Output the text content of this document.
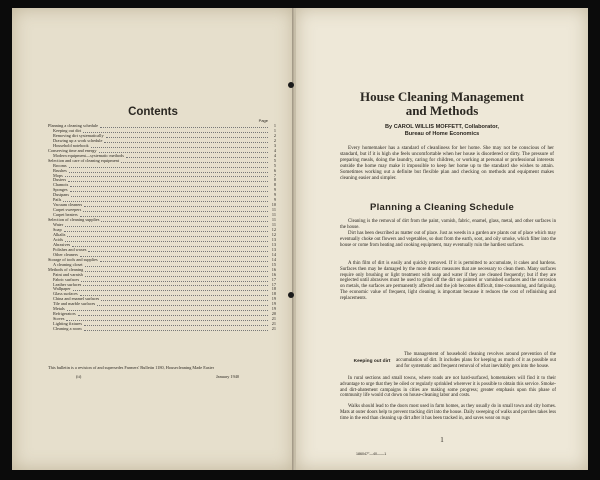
Contents
Page
Planning a cleaning schedule	1
Keeping out dirt	1
Removing dirt systematically	2
Drawing up a work schedule	2
Household notebook	3
Conserving time and energy	4
Modern equipment—systematic methods	4
Selection and care of cleaning equipment	5
Brooms	5
Brushes	6
Mops	7
Dusters	8
Chamois	8
Sponges	9
Dustpans	9
Pails	9
Vacuum cleaners	10
Carpet sweepers	11
Carpet beaters	11
Selection of cleaning supplies	11
Water	11
Soap	12
Alkalis	12
Acids	13
Abrasives	13
Polishes and waxes	13
Other cleaners	14
Storage of tools and supplies	14
A cleaning closet	15
Methods of cleaning	16
Paint and varnish	16
Fabric surfaces	17
Leather surfaces	17
Wallpaper	18
Glass surfaces	18
China and enamel surfaces	19
Tile and marble surfaces	19
Metals	19
Refrigerators	20
Stoves	21
Lighting fixtures	21
Cleaning a room	21
This bulletin is a revision of and supersedes Farmers' Bulletin 1180, Housecleaning Made Easier
(ii)	January 1940
House Cleaning Management
and Methods
By CAROL WILLIS MOFFETT, Collaborator,
Bureau of Home Economics

Every homemaker has a standard of cleanliness for her home. She may not be conscious of her standard, but if it is high she feels uncomfortable when her house is disordered or dirty. The pressure of preparing meals, doing the laundry, caring for children, or working at personal or professional interests outside the home may make it impossible to keep her home up to the standard she wishes to attain. Sometimes working out a definite but flexible plan and checking on methods and equipment makes cleaning easier and simpler.

Planning a Cleaning Schedule

Cleaning is the removal of dirt from the paint, varnish, fabric, enamel, glass, metal, and other surfaces in the house.

Dirt has been described as matter out of place. Just as weeds in a garden are plants out of place which may eventually choke out flowers and vegetables, so dust from the earth, soot, and oily smoke, which filter into the house or come from heating and cooking equipment, may eventually ruin the hardiest surfaces.

A thin film of dirt is easily and quickly removed. If it is permitted to accumulate, it cakes and hardens. Surfaces then may be damaged by the more drastic measures that are necessary to clean them. Many surfaces require only brushing or light treatment with soap and water if they are cleaned frequently; but if they are neglected until abrasives must be used to grind off the dirt on painted or varnished surfaces and the corrosion on metals, the surfaces are permanently affected and the job becomes difficult, time-consuming, and fatiguing. The economic value of frequent, light cleaning is important because it reduces the cost of refinishing and replacements.

Keeping out dirt

The management of household cleaning revolves around prevention of the accumulation of dirt. It includes plans for keeping as much of it as possible out and for systematic and frequent removal of what inevitably gets into the house.

In rural sections and small towns, where roads are not hard-surfaced, homemakers will find it to their advantage to urge that they be oiled or regularly sprinkled wherever it is possible to obtain this service. Smoke- and dirt-abatement campaigns in cities are making some progress; greater emphasis upon this phase of community life would cut down on house-cleaning labor and costs.

Walks should lead to the doors most used in farm homes, as they usually do in small town and city homes. Mats at outer doors help to prevent tracking dirt into the house. Daily sweeping of walks and porches takes less time in the end than cleaning up dirt after it has been tracked in, and saves wear on rugs

1
186047°—40——1
